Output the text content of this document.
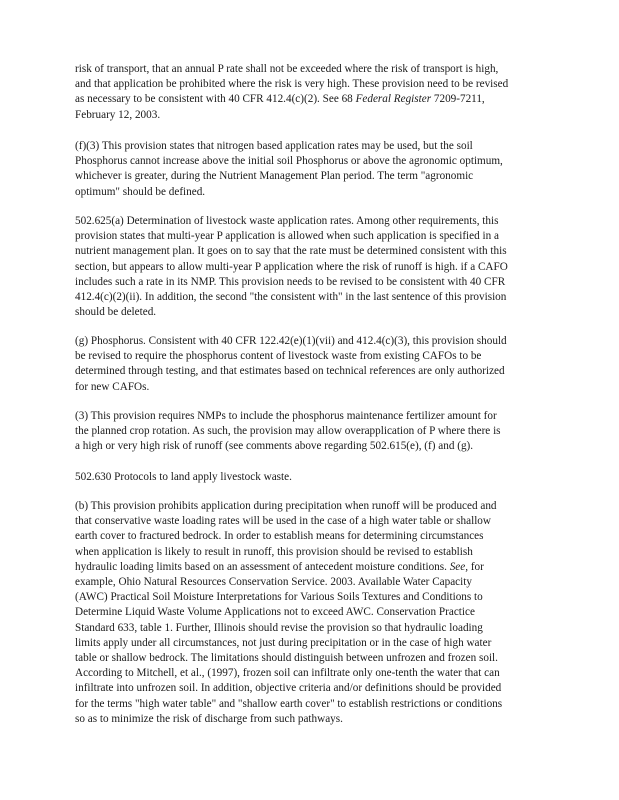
risk of transport, that an annual P rate shall not be exceeded where the risk of transport is high,
and that application be prohibited where the risk is very high. These provision need to be revised
as necessary to be consistent with 40 CFR 412.4(c)(2). See 68 Federal Register 7209-7211,
February 12, 2003.
(f)(3) This provision states that nitrogen based application rates may be used, but the soil
Phosphorus cannot increase above the initial soil Phosphorus or above the agronomic optimum,
whichever is greater, during the Nutrient Management Plan period. The term "agronomic
optimum" should be defined.
502.625(a) Determination of livestock waste application rates. Among other requirements, this
provision states that multi-year P application is allowed when such application is specified in a
nutrient management plan. It goes on to say that the rate must be determined consistent with this
section, but appears to allow multi-year P application where the risk of runoff is high. if a CAFO
includes such a rate in its NMP. This provision needs to be revised to be consistent with 40 CFR
412.4(c)(2)(ii). In addition, the second "the consistent with" in the last sentence of this provision
should be deleted.
(g) Phosphorus. Consistent with 40 CFR 122.42(e)(1)(vii) and 412.4(c)(3), this provision should
be revised to require the phosphorus content of livestock waste from existing CAFOs to be
determined through testing, and that estimates based on technical references are only authorized
for new CAFOs.
(3) This provision requires NMPs to include the phosphorus maintenance fertilizer amount for
the planned crop rotation. As such, the provision may allow overapplication of P where there is
a high or very high risk of runoff (see comments above regarding 502.615(e), (f) and (g).
502.630 Protocols to land apply livestock waste.
(b) This provision prohibits application during precipitation when runoff will be produced and
that conservative waste loading rates will be used in the case of a high water table or shallow
earth cover to fractured bedrock. In order to establish means for determining circumstances
when application is likely to result in runoff, this provision should be revised to establish
hydraulic loading limits based on an assessment of antecedent moisture conditions. See, for
example, Ohio Natural Resources Conservation Service. 2003. Available Water Capacity
(AWC) Practical Soil Moisture Interpretations for Various Soils Textures and Conditions to
Determine Liquid Waste Volume Applications not to exceed AWC. Conservation Practice
Standard 633, table 1. Further, Illinois should revise the provision so that hydraulic loading
limits apply under all circumstances, not just during precipitation or in the case of high water
table or shallow bedrock. The limitations should distinguish between unfrozen and frozen soil.
According to Mitchell, et al., (1997), frozen soil can infiltrate only one-tenth the water that can
infiltrate into unfrozen soil. In addition, objective criteria and/or definitions should be provided
for the terms "high water table" and "shallow earth cover" to establish restrictions or conditions
so as to minimize the risk of discharge from such pathways.
